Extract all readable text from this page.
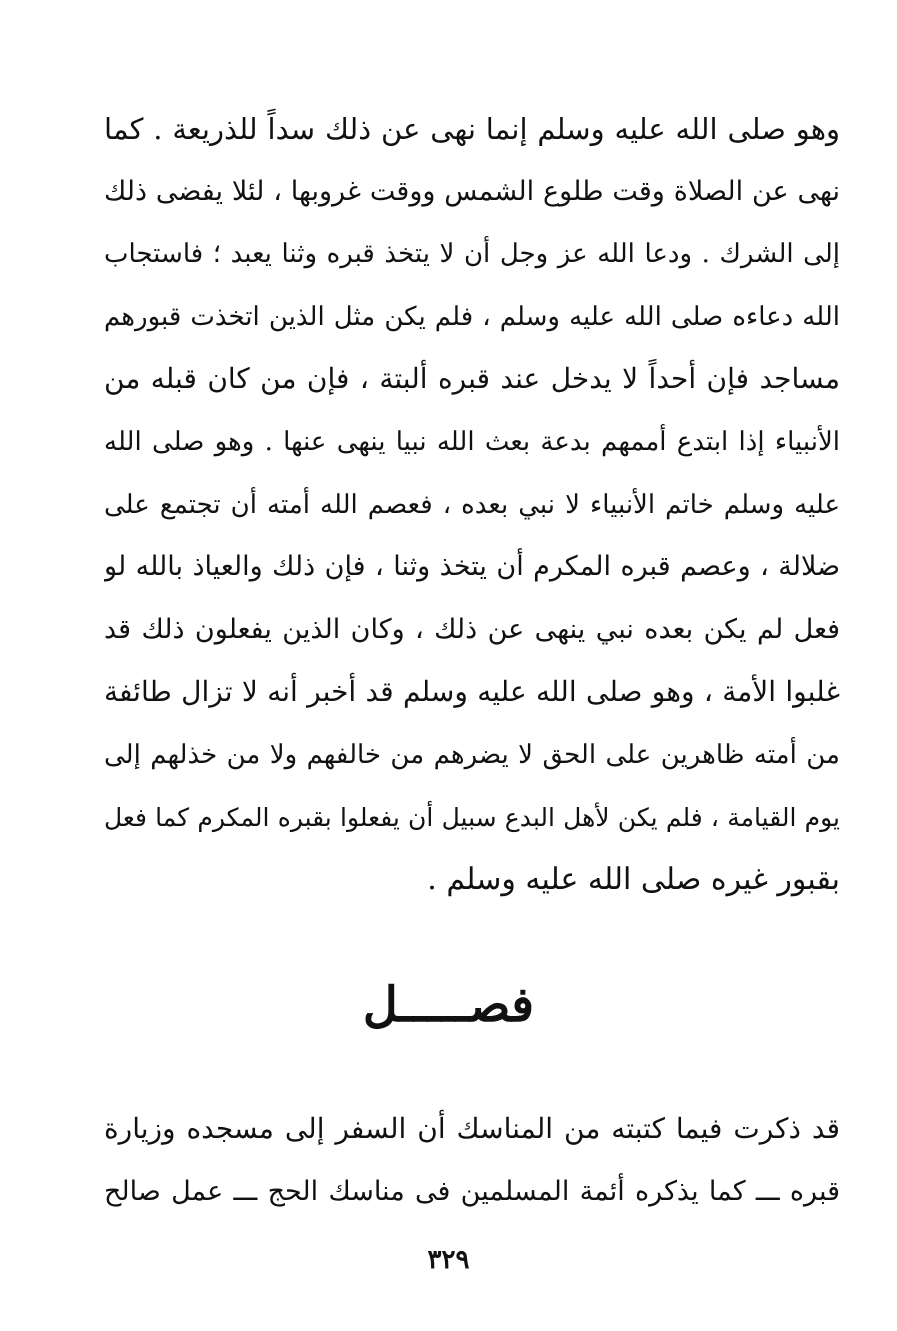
وهو صلى الله عليه وسلم إنما نهى عن ذلك سداً للذريعة . كما
نهى عن الصلاة وقت طلوع الشمس ووقت غروبها ، لئلا يفضى ذلك
إلى الشرك . ودعا الله عز وجل أن لا يتخذ قبره وثنا يعبد ؛ فاستجاب
الله دعاءه صلى الله عليه وسلم ، فلم يكن مثل الذين اتخذت قبورهم
مساجد فإن أحداً لا يدخل عند قبره ألبتة ، فإن من كان قبله من
الأنبياء إذا ابتدع أممهم بدعة بعث الله نبيا ينهى عنها . وهو صلى الله
عليه وسلم خاتم الأنبياء لا نبي بعده ، فعصم الله أمته أن تجتمع على
ضلالة ، وعصم قبره المكرم أن يتخذ وثنا ، فإن ذلك والعياذ بالله لو
فعل لم يكن بعده نبي ينهى عن ذلك ، وكان الذين يفعلون ذلك قد
غلبوا الأمة ، وهو صلى الله عليه وسلم قد أخبر أنه لا تزال طائفة
من أمته ظاهرين على الحق لا يضرهم من خالفهم ولا من خذلهم إلى
يوم القيامة ، فلم يكن لأهل البدع سبيل أن يفعلوا بقبره المكرم كما فعل
بقبور غيره صلى الله عليه وسلم .
فصـــــل
قد ذكرت فيما كتبته من المناسك أن السفر إلى مسجده وزيارة
قبره ـــ كما يذكره أئمة المسلمين فى مناسك الحج ـــ عمل صالح
٣٢٩
